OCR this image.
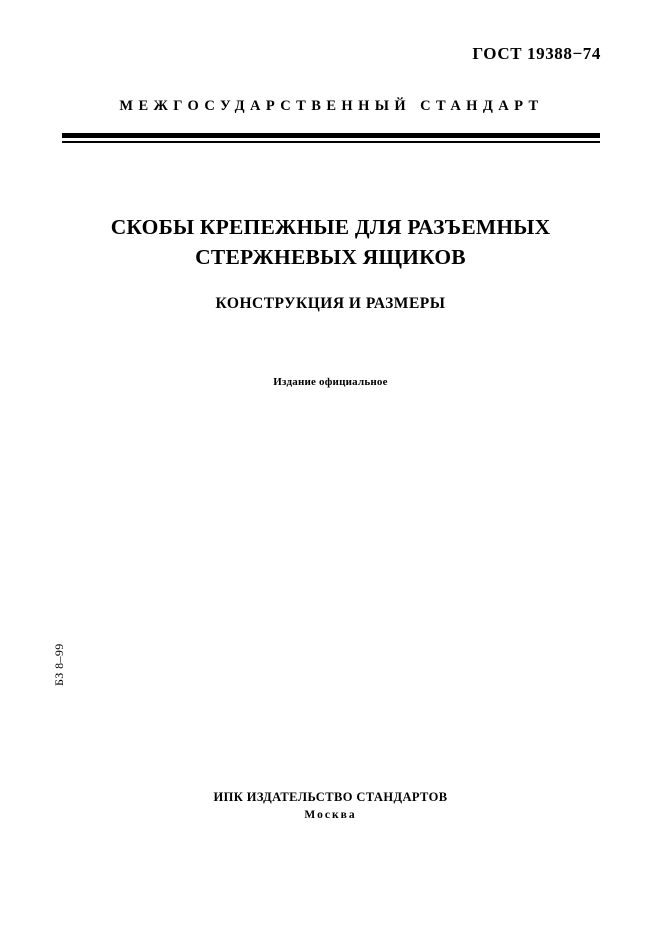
ГОСТ 19388−74
МЕЖГОСУДАРСТВЕННЫЙ СТАНДАРТ
СКОБЫ КРЕПЕЖНЫЕ ДЛЯ РАЗЪЕМНЫХ
СТЕРЖНЕВЫХ ЯЩИКОВ
КОНСТРУКЦИЯ И РАЗМЕРЫ
Издание официальное
БЗ 8–99
ИПК ИЗДАТЕЛЬСТВО СТАНДАРТОВ
Москва
